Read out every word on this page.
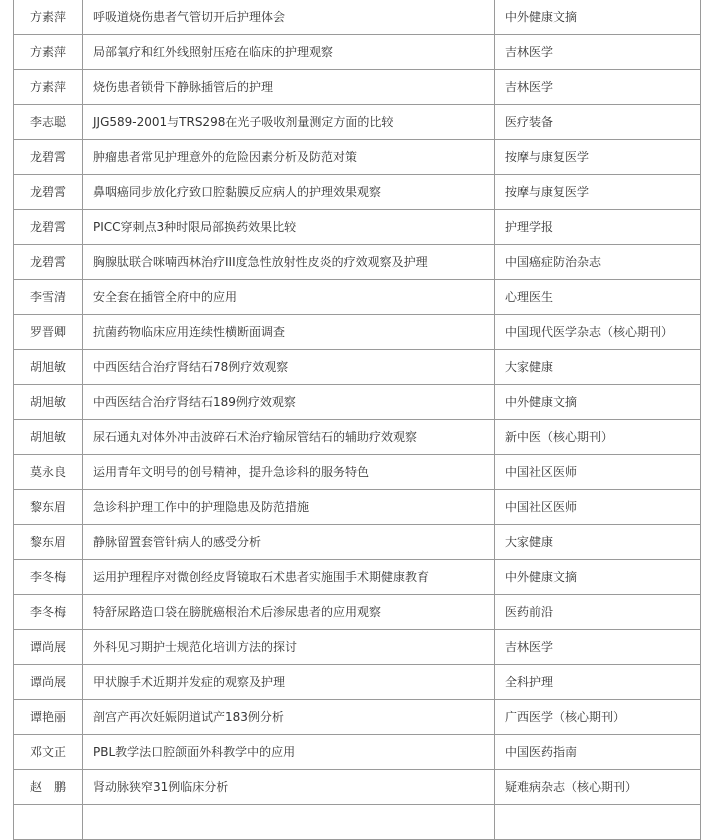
方素萍	呼吸道烧伤患者气管切开后护理体会	中外健康文摘
方素萍	局部氧疗和红外线照射压疮在临床的护理观察	吉林医学
方素萍	烧伤患者锁骨下静脉插管后的护理	吉林医学
李志聪	JJG589-2001与TRS298在光子吸收剂量测定方面的比较	医疗装备
龙碧霄	肿瘤患者常见护理意外的危险因素分析及防范对策	按摩与康复医学
龙碧霄	鼻咽癌同步放化疗致口腔黏膜反应病人的护理效果观察	按摩与康复医学
龙碧霄	PICC穿刺点3种时限局部换药效果比较	护理学报
龙碧霄	胸腺肽联合咪喃西林治疗III度急性放射性皮炎的疗效观察及护理	中国癌症防治杂志
李雪清	安全套在插管全府中的应用	心理医生
罗晋卿	抗菌药物临床应用连续性横断面调查	中国现代医学杂志（核心期刊）
胡旭敏	中西医结合治疗肾结石78例疗效观察	大家健康
胡旭敏	中西医结合治疗肾结石189例疗效观察	中外健康文摘
胡旭敏	尿石通丸对体外冲击波碎石术治疗输尿管结石的辅助疗效观察	新中医（核心期刊）
莫永良	运用青年文明号的创号精神，提升急诊科的服务特色	中国社区医师
黎东眉	急诊科护理工作中的护理隐患及防范措施	中国社区医师
黎东眉	静脉留置套管针病人的感受分析	大家健康
李冬梅	运用护理程序对微创经皮肾镜取石术患者实施围手术期健康教育	中外健康文摘
李冬梅	特舒尿路造口袋在膀胱癌根治术后渗尿患者的应用观察	医药前沿
谭尚展	外科见习期护士规范化培训方法的探讨	吉林医学
谭尚展	甲状腺手术近期并发症的观察及护理	全科护理
谭艳丽	剖宫产再次妊娠阴道试产183例分析	广西医学（核心期刊）
邓文正	PBL教学法口腔颌面外科教学中的应用	中国医药指南
赵　鹏	肾动脉狭窄31例临床分析	疑难病杂志（核心期刊）
